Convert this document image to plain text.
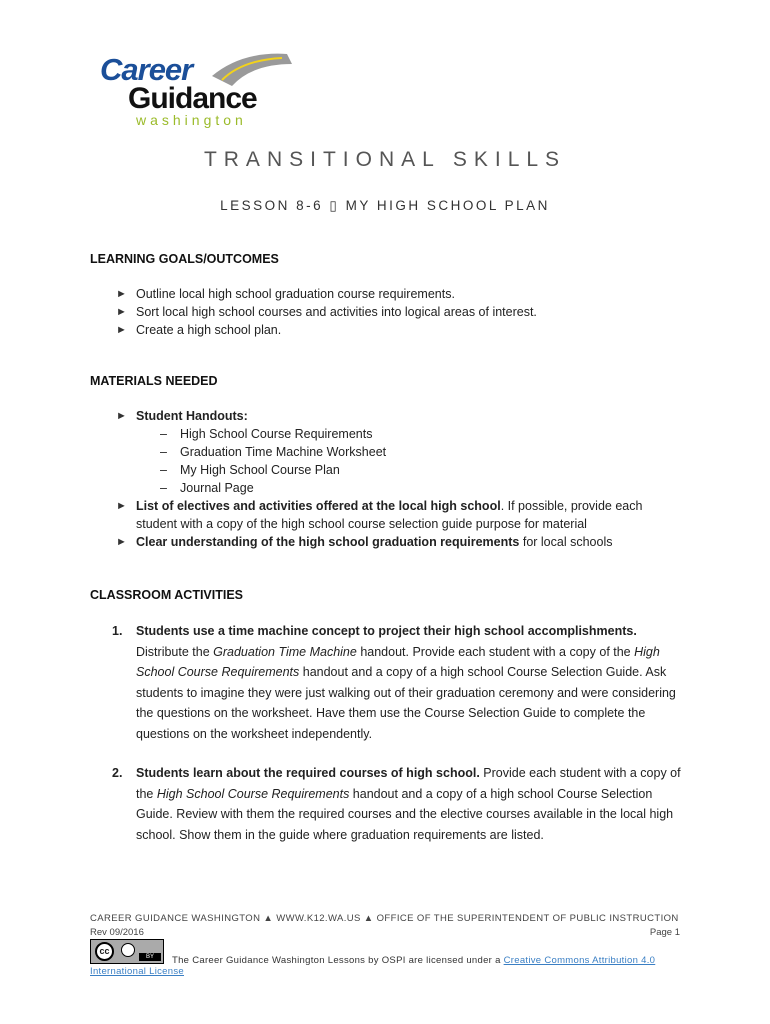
Career
Guidance
washington
TRANSITIONAL SKILLS
LESSON 8-6 ▯ MY HIGH SCHOOL PLAN
LEARNING GOALS/OUTCOMES
► Outline local high school graduation course requirements.
► Sort local high school courses and activities into logical areas of interest.
► Create a high school plan.
MATERIALS NEEDED
► Student Handouts:
– High School Course Requirements
– Graduation Time Machine Worksheet
– My High School Course Plan
– Journal Page
► List of electives and activities offered at the local high school. If possible, provide each student with a copy of the high school course selection guide purpose for material
► Clear understanding of the high school graduation requirements for local schools
CLASSROOM ACTIVITIES
1. Students use a time machine concept to project their high school accomplishments. Distribute the Graduation Time Machine handout. Provide each student with a copy of the High School Course Requirements handout and a copy of a high school Course Selection Guide. Ask students to imagine they were just walking out of their graduation ceremony and were considering the questions on the worksheet. Have them use the Course Selection Guide to complete the questions on the worksheet independently.
2. Students learn about the required courses of high school. Provide each student with a copy of the High School Course Requirements handout and a copy of a high school Course Selection Guide. Review with them the required courses and the elective courses available in the local high school. Show them in the guide where graduation requirements are listed.
CAREER GUIDANCE WASHINGTON ▲ WWW.K12.WA.US ▲ OFFICE OF THE SUPERINTENDENT OF PUBLIC INSTRUCTION
Rev 09/2016	Page 1
cc
BY	The Career Guidance Washington Lessons by OSPI are licensed under a Creative Commons Attribution 4.0
International License
